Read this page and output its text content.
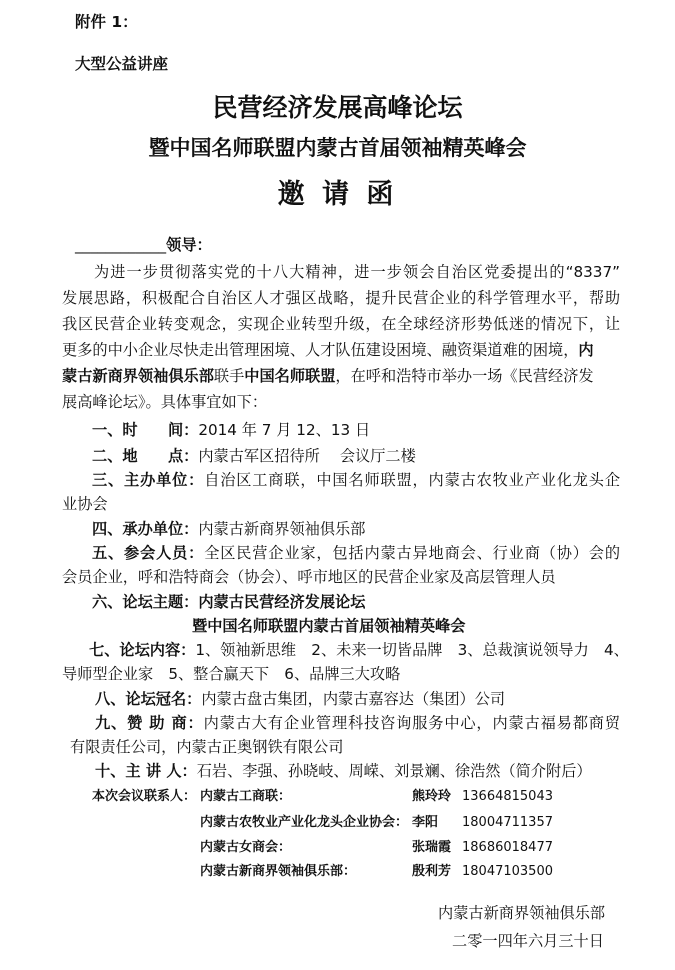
附件 1：
大型公益讲座
民营经济发展高峰论坛
暨中国名师联盟内蒙古首届领袖精英峰会
邀 请 函
____________领导：
为进一步贯彻落实党的十八大精神，进一步领会自治区党委提出的“8337”
发展思路，积极配合自治区人才强区战略，提升民营企业的科学管理水平，帮助
我区民营企业转变观念，实现企业转型升级，在全球经济形势低迷的情况下，让
更多的中小企业尽快走出管理困境、人才队伍建设困境、融资渠道难的困境，内
蒙古新商界领袖俱乐部联手中国名师联盟，在呼和浩特市举办一场《民营经济发
展高峰论坛》。具体事宜如下：
一、时　　间：2014 年 7 月 12、13 日
二、地　　点：内蒙古军区招待所　 会议厅二楼
三、主办单位：自治区工商联，中国名师联盟，内蒙古农牧业产业化龙头企
业协会
四、承办单位：内蒙古新商界领袖俱乐部
五、参会人员：全区民营企业家，包括内蒙古异地商会、行业商（协）会的
会员企业，呼和浩特商会（协会）、呼市地区的民营企业家及高层管理人员
六、论坛主题：内蒙古民营经济发展论坛
暨中国名师联盟内蒙古首届领袖精英峰会
七、论坛内容：1、领袖新思维　2、未来一切皆品牌　3、总裁演说领导力　4、
导师型企业家　5、整合赢天下　6、品牌三大攻略
八、论坛冠名：内蒙古盘古集团，内蒙古嘉容达（集团）公司
九、赞 助 商：内蒙古大有企业管理科技咨询服务中心，内蒙古福易都商贸
有限责任公司，内蒙古正奥钢铁有限公司
十、主 讲 人：石岩、李强、孙晓岐、周嵘、刘景斓、徐浩然（简介附后）
本次会议联系人： 内蒙古工商联：	熊玲玲 13664815043
内蒙古农牧业产业化龙头企业协会： 李阳 18004711357
内蒙古女商会：	张瑞霞 18686018477
内蒙古新商界领袖俱乐部：	殷利芳 18047103500
内蒙古新商界领袖俱乐部
二零一四年六月三十日
